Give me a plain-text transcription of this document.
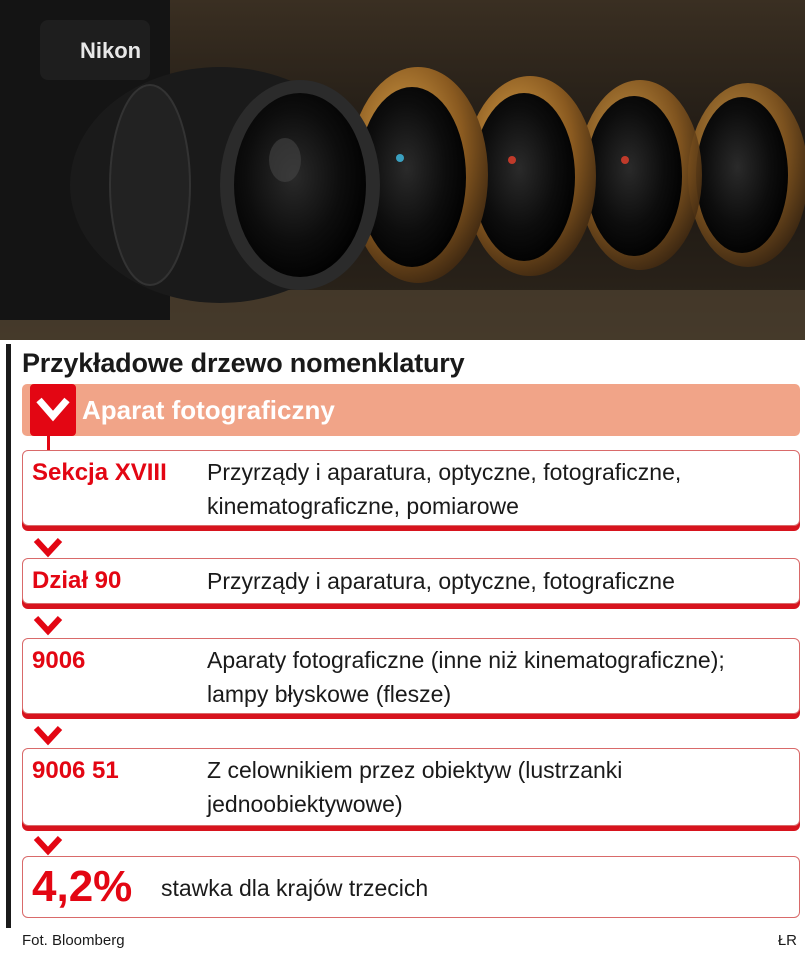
Nikon
Przykładowe drzewo nomenklatury
Aparat fotograficzny
Sekcja XVIII Przyrządy i aparatura, optyczne, fotograficzne, kinematograficzne, pomiarowe
Dział 90	Przyrządy i aparatura, optyczne, fotograficzne
9006	Aparaty fotograficzne (inne niż kinematograficzne); lampy błyskowe (flesze)
9006 51	Z celownikiem przez obiektyw (lustrzanki jednoobiektywowe)
4,2% stawka dla krajów trzecich
Fot. Bloomberg	ŁR
